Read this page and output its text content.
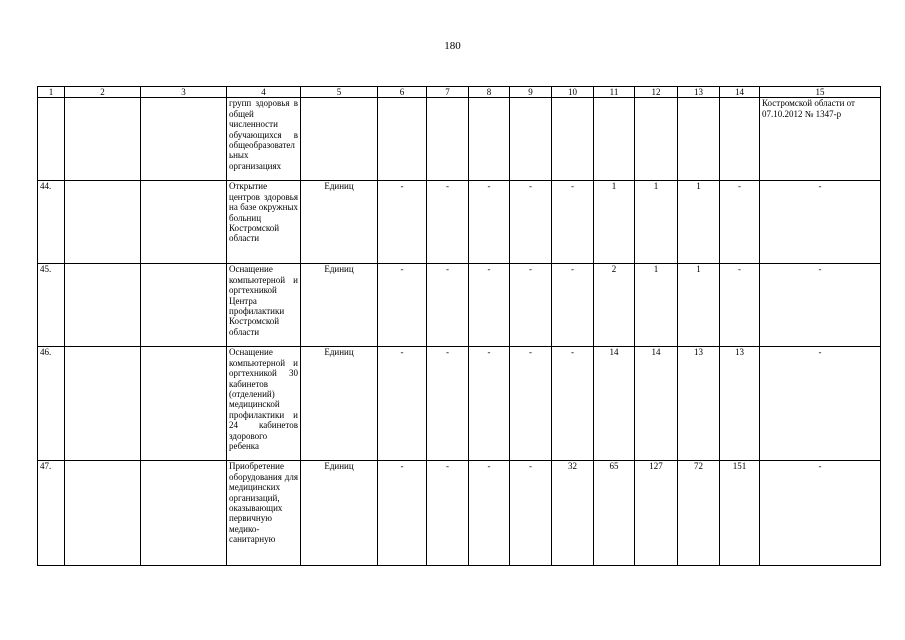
180
1	2	3	4	5	6	7	8	9	10	11	12	13	14	15
			групп здоровья в общей численности обучающихся в общеобразовательных организациях											Костромской области от 07.10.2012 № 1347-р
44.			Открытие центров здоровья на базе окружных больниц Костромской области	Единиц	-	-	-	-	-	1	1	1	-	-
45.			Оснащение компьютерной и оргтехникой Центра профилактики Костромской области	Единиц	-	-	-	-	-	2	1	1	-	-
46.			Оснащение компьютерной и оргтехникой 30 кабинетов (отделений) медицинской профилактики и 24 кабинетов здорового ребенка	Единиц	-	-	-	-	-	14	14	13	13	-
47.			Приобретение оборудования для медицинских организаций, оказывающих первичную медико-санитарную	Единиц	-	-	-	-	32	65	127	72	151	-
